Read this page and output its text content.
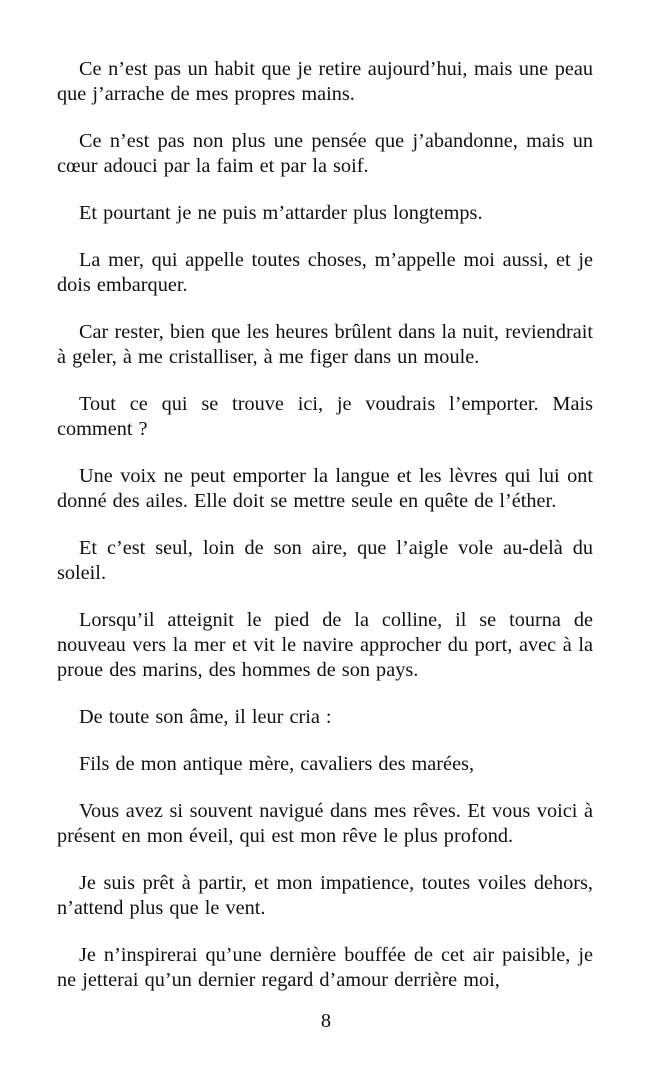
Ce n’est pas un habit que je retire aujourd’hui, mais une peau que j’arrache de mes propres mains.

Ce n’est pas non plus une pensée que j’abandonne, mais un cœur adouci par la faim et par la soif.

Et pourtant je ne puis m’attarder plus longtemps.

La mer, qui appelle toutes choses, m’appelle moi aussi, et je dois embarquer.

Car rester, bien que les heures brûlent dans la nuit, reviendrait à geler, à me cristalliser, à me figer dans un moule.

Tout ce qui se trouve ici, je voudrais l’emporter. Mais comment ?

Une voix ne peut emporter la langue et les lèvres qui lui ont donné des ailes. Elle doit se mettre seule en quête de l’éther.

Et c’est seul, loin de son aire, que l’aigle vole au-delà du soleil.

Lorsqu’il atteignit le pied de la colline, il se tourna de nouveau vers la mer et vit le navire approcher du port, avec à la proue des marins, des hommes de son pays.

De toute son âme, il leur cria :

Fils de mon antique mère, cavaliers des marées,

Vous avez si souvent navigué dans mes rêves. Et vous voici à présent en mon éveil, qui est mon rêve le plus profond.

Je suis prêt à partir, et mon impatience, toutes voiles dehors, n’attend plus que le vent.

Je n’inspirerai qu’une dernière bouffée de cet air paisible, je ne jetterai qu’un dernier regard d’amour derrière moi,

8
